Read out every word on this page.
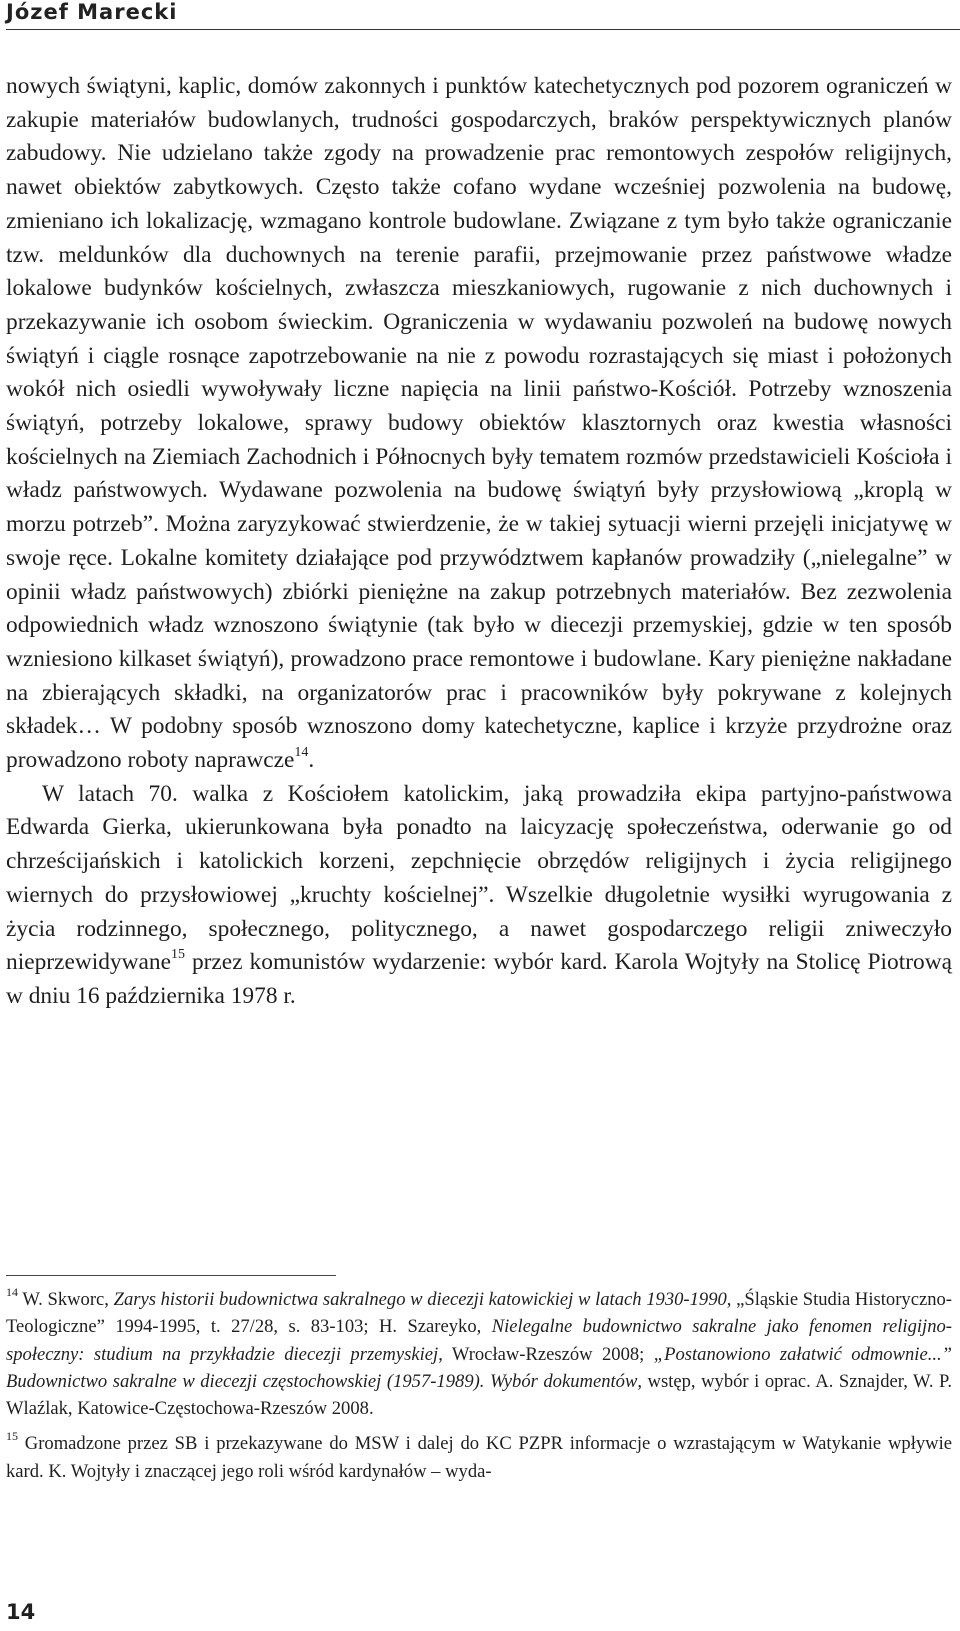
Józef Marecki

nowych świątyni, kaplic, domów zakonnych i punktów katechetycznych pod pozorem ograniczeń w zakupie materiałów budowlanych, trudności gospodarczych, braków perspektywicznych planów zabudowy. Nie udzielano także zgody na prowadzenie prac remontowych zespołów religijnych, nawet obiektów zabytkowych. Często także cofano wydane wcześniej pozwolenia na budowę, zmieniano ich lokalizację, wzmagano kontrole budowlane. Związane z tym było także ograniczanie tzw. meldunków dla duchownych na terenie parafii, przejmowanie przez państwowe władze lokalowe budynków kościelnych, zwłaszcza mieszkaniowych, rugowanie z nich duchownych i przekazywanie ich osobom świeckim. Ograniczenia w wydawaniu pozwoleń na budowę nowych świątyń i ciągle rosnące zapotrzebowanie na nie z powodu rozrastających się miast i położonych wokół nich osiedli wywoływały liczne napięcia na linii państwo-Kościół. Potrzeby wznoszenia świątyń, potrzeby lokalowe, sprawy budowy obiektów klasztornych oraz kwestia własności kościelnych na Ziemiach Zachodnich i Północnych były tematem rozmów przedstawicieli Kościoła i władz państwowych. Wydawane pozwolenia na budowę świątyń były przysłowiową „kroplą w morzu potrzeb”. Można zaryzykować stwierdzenie, że w takiej sytuacji wierni przejęli inicjatywę w swoje ręce. Lokalne komitety działające pod przywództwem kapłanów prowadziły („nielegalne” w opinii władz państwowych) zbiórki pieniężne na zakup potrzebnych materiałów. Bez zezwolenia odpowiednich władz wznoszono świątynie (tak było w diecezji przemyskiej, gdzie w ten sposób wzniesiono kilkaset świątyń), prowadzono prace remontowe i budowlane. Kary pieniężne nakładane na zbierających składki, na organizatorów prac i pracowników były pokrywane z kolejnych składek… W podobny sposób wznoszono domy katechetyczne, kaplice i krzyże przydrożne oraz prowadzono roboty naprawcze$^{14}$.

W latach 70. walka z Kościołem katolickim, jaką prowadziła ekipa partyjno-państwowa Edwarda Gierka, ukierunkowana była ponadto na laicyzację społeczeństwa, oderwanie go od chrześcijańskich i katolickich korzeni, zepchnięcie obrzędów religijnych i życia religijnego wiernych do przysłowiowej „kruchty kościelnej”. Wszelkie długoletnie wysiłki wyrugowania z życia rodzinnego, społecznego, politycznego, a nawet gospodarczego religii zniweczyło nieprzewidywane$^{15}$ przez komunistów wydarzenie: wybór kard. Karola Wojtyły na Stolicę Piotrową w dniu 16 października 1978 r.

$^{14}$ W. Skworc, Zarys historii budownictwa sakralnego w diecezji katowickiej w latach 1930-1990, „Śląskie Studia Historyczno-Teologiczne” 1994-1995, t. 27/28, s. 83-103; H. Szareyko, Nielegalne budownictwo sakralne jako fenomen religijno-społeczny: studium na przykładzie diecezji przemyskiej, Wrocław-Rzeszów 2008; „Postanowiono załatwić odmownie...” Budownictwo sakralne w diecezji częstochowskiej (1957-1989). Wybór dokumentów, wstęp, wybór i oprac. A. Sznajder, W. P. Wlaźlak, Katowice-Częstochowa-Rzeszów 2008.

$^{15}$ Gromadzone przez SB i przekazywane do MSW i dalej do KC PZPR informacje o wzrastającym w Watykanie wpływie kard. K. Wojtyły i znaczącej jego roli wśród kardynałów – wyda-

14
